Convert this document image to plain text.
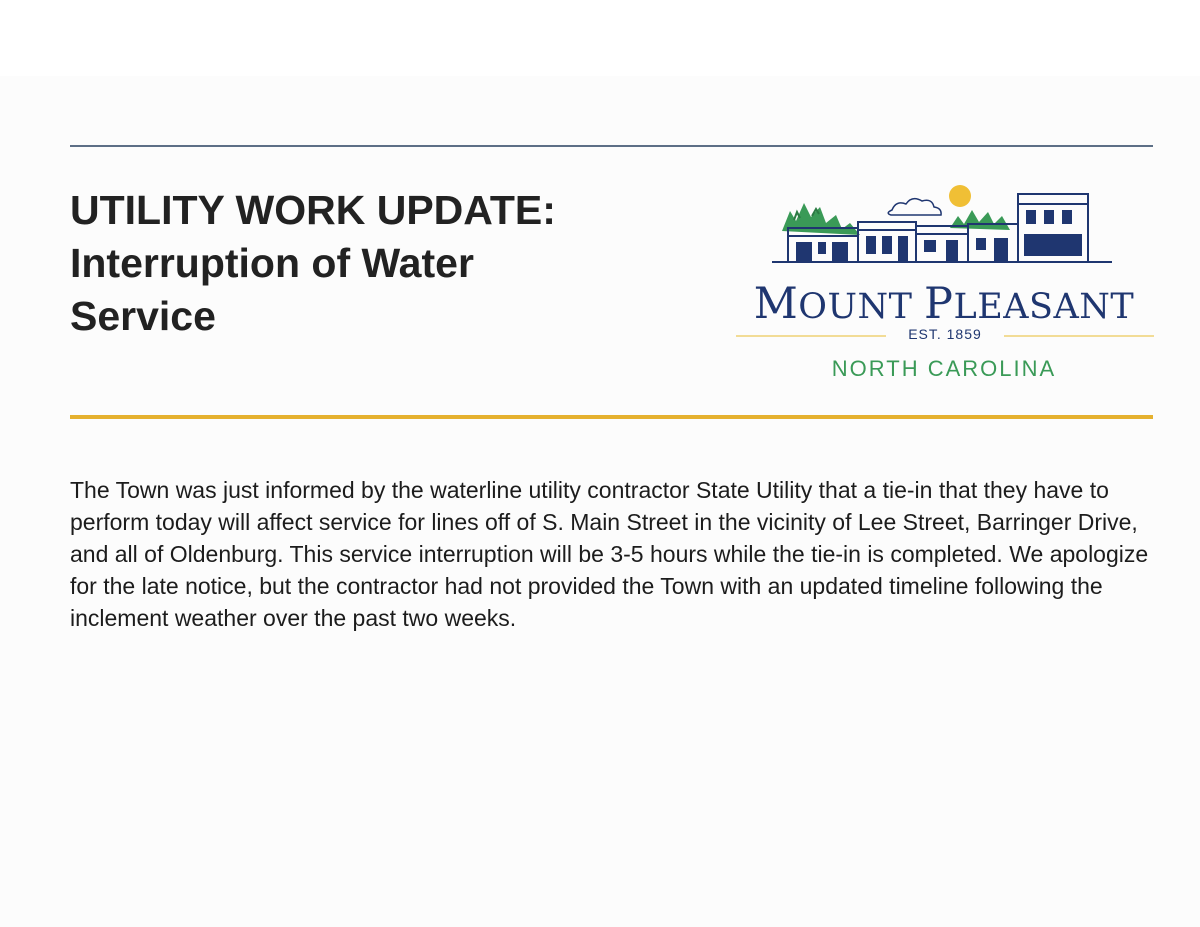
UTILITY WORK UPDATE:
Interruption of Water
Service	MOUNT PLEASANT
EST. 1859
NORTH CAROLINA

The Town was just informed by the waterline utility contractor State Utility that a tie-in that they have to perform today will affect service for lines off of S. Main Street in the vicinity of Lee Street, Barringer Drive, and all of Oldenburg. This service interruption will be 3-5 hours while the tie-in is completed. We apologize for the late notice, but the contractor had not provided the Town with an updated timeline following the inclement weather over the past two weeks.
